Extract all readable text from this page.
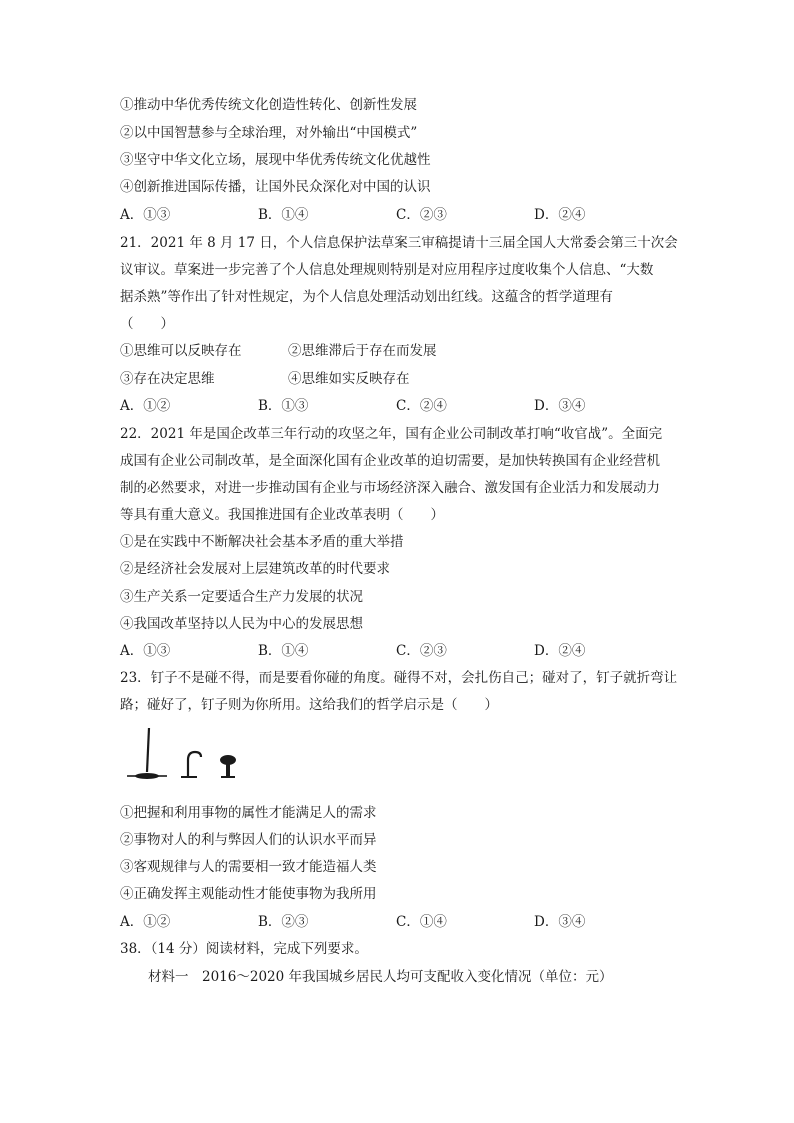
①推动中华优秀传统文化创造性转化、创新性发展
②以中国智慧参与全球治理，对外输出“中国模式”
③坚守中华文化立场，展现中华优秀传统文化优越性
④创新推进国际传播，让国外民众深化对中国的认识
A．①③	B．①④	C．②③	D．②④
21．2021 年 8 月 17 日，个人信息保护法草案三审稿提请十三届全国人大常委会第三十次会
议审议。草案进一步完善了个人信息处理规则特别是对应用程序过度收集个人信息、“大数
据杀熟”等作出了针对性规定，为个人信息处理活动划出红线。这蕴含的哲学道理有
（　　）
①思维可以反映存在	②思维滞后于存在而发展
③存在决定思维	④思维如实反映存在
A．①②	B．①③	C．②④	D．③④
22．2021 年是国企改革三年行动的攻坚之年，国有企业公司制改革打响“收官战”。全面完
成国有企业公司制改革，是全面深化国有企业改革的迫切需要，是加快转换国有企业经营机
制的必然要求，对进一步推动国有企业与市场经济深入融合、激发国有企业活力和发展动力
等具有重大意义。我国推进国有企业改革表明（　　）
①是在实践中不断解决社会基本矛盾的重大举措
②是经济社会发展对上层建筑改革的时代要求
③生产关系一定要适合生产力发展的状况
④我国改革坚持以人民为中心的发展思想
A．①③	B．①④	C．②③	D．②④
23．钉子不是碰不得，而是要看你碰的角度。碰得不对，会扎伤自己；碰对了，钉子就折弯让
路；碰好了，钉子则为你所用。这给我们的哲学启示是（　　）
①把握和利用事物的属性才能满足人的需求
②事物对人的利与弊因人们的认识水平而异
③客观规律与人的需要相一致才能造福人类
④正确发挥主观能动性才能使事物为我所用
A．①②	B．②③	C．①④	D．③④
38．（14 分）阅读材料，完成下列要求。
材料一　2016～2020 年我国城乡居民人均可支配收入变化情况（单位：元）
